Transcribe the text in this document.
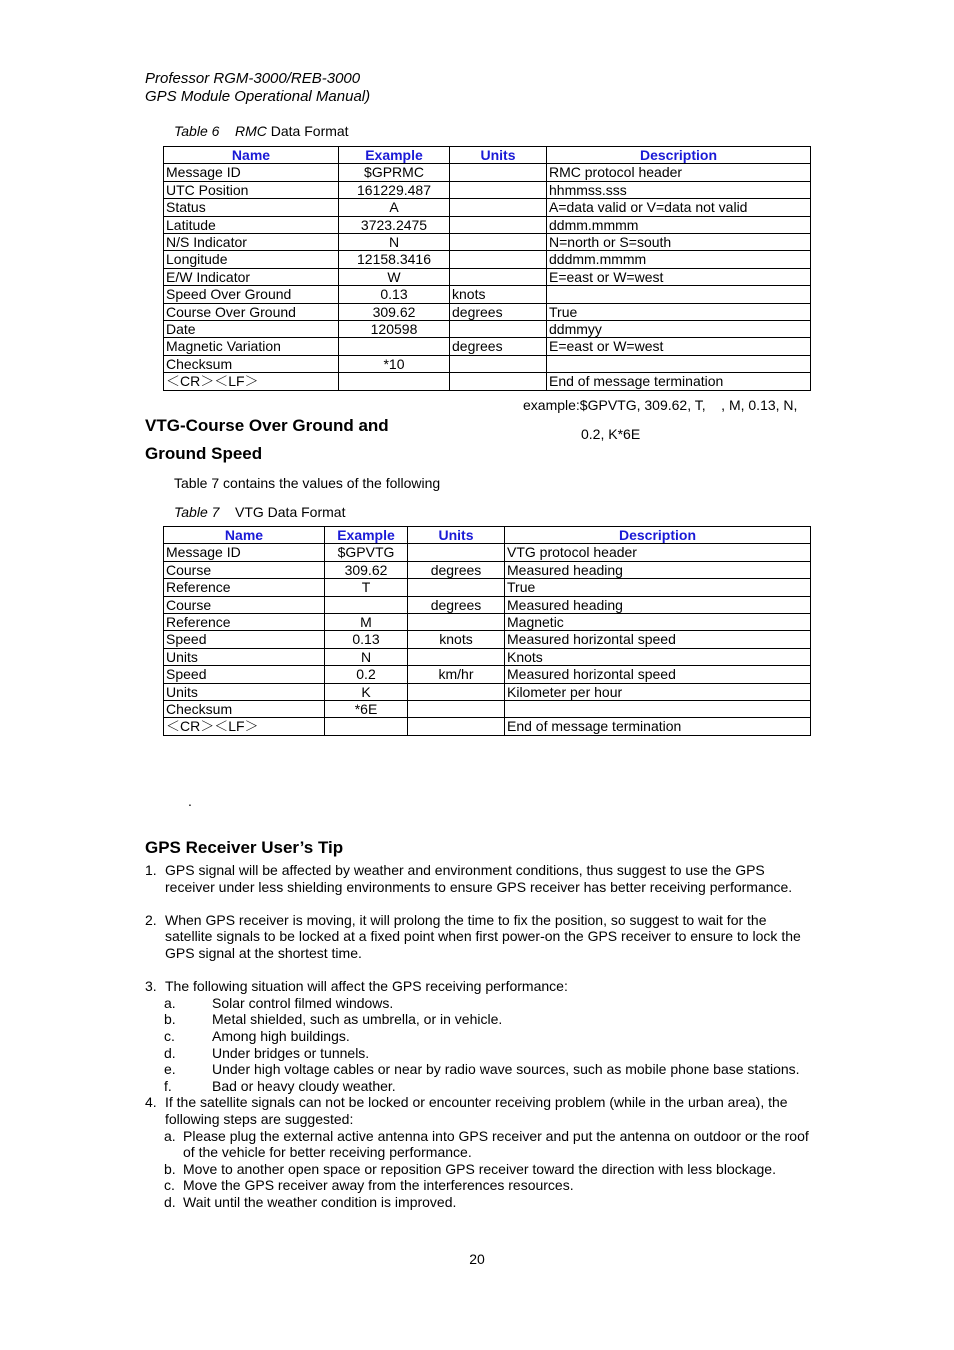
Professor RGM-3000/REB-3000
GPS Module Operational Manual)
Table 6 RMC Data Format
Name	Example	Units	Description
Message ID	$GPRMC		RMC protocol header
UTC Position	161229.487		hhmmss.sss
Status	A		A=data valid or V=data not valid
Latitude	3723.2475		ddmm.mmmm
N/S Indicator	N		N=north or S=south
Longitude	12158.3416		dddmm.mmmm
E/W Indicator	W		E=east or W=west
Speed Over Ground	0.13	knots	
Course Over Ground	309.62	degrees	True
Date	120598		ddmmyy
Magnetic Variation		degrees	E=east or W=west
Checksum	*10		
＜CR＞＜LF＞			End of message termination
VTG-Course Over Ground and
Ground Speed
example:$GPVTG, 309.62, T,    , M, 0.13, N,
0.2, K*6E
Table 7 contains the values of the following
Table 7 VTG Data Format
Name	Example	Units	Description
Message ID	$GPVTG		VTG protocol header
Course	309.62	degrees	Measured heading
Reference	T		True
Course		degrees	Measured heading
Reference	M		Magnetic
Speed	0.13	knots	Measured horizontal speed
Units	N		Knots
Speed	0.2	km/hr	Measured horizontal speed
Units	K		Kilometer per hour
Checksum	*6E		
＜CR＞＜LF＞			End of message termination
.
GPS Receiver User’s Tip
1. GPS signal will be affected by weather and environment conditions, thus suggest to use the GPS receiver under less shielding environments to ensure GPS receiver has better receiving performance.
2. When GPS receiver is moving, it will prolong the time to fix the position, so suggest to wait for the satellite signals to be locked at a fixed point when first power-on the GPS receiver to ensure to lock the GPS signal at the shortest time.
3. The following situation will affect the GPS receiving performance:
a.	Solar control filmed windows.
b.	Metal shielded, such as umbrella, or in vehicle.
c.	Among high buildings.
d.	Under bridges or tunnels.
e.	Under high voltage cables or near by radio wave sources, such as mobile phone base stations.
f.	Bad or heavy cloudy weather.
4. If the satellite signals can not be locked or encounter receiving problem (while in the urban area), the following steps are suggested:
a. Please plug the external active antenna into GPS receiver and put the antenna on outdoor or the roof of the vehicle for better receiving performance.
b. Move to another open space or reposition GPS receiver toward the direction with less blockage.
c. Move the GPS receiver away from the interferences resources.
d. Wait until the weather condition is improved.
20
